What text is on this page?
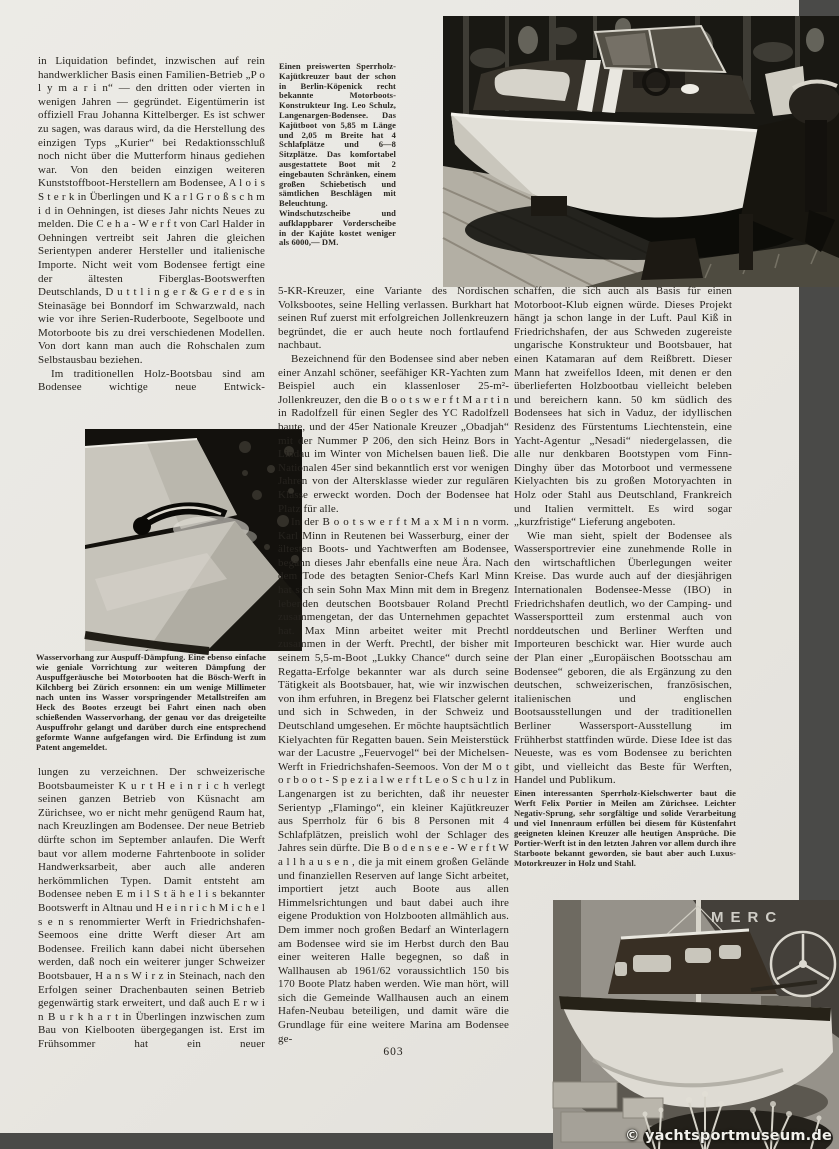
Einen preiswerten Sperrholz-Kajütkreuzer baut der schon in Berlin-Köpenick recht bekannte Motorboots-Konstrukteur Ing. Leo Schulz, Langenargen-Bodensee. Das Kajütboot von 5,85 m Länge und 2,05 m Breite hat 4 Schlafplätze und 6—8 Sitzplätze. Das komfortabel ausgestattete Boot mit 2 eingebauten Schränken, einem großen Schiebetisch und sämtlichen Beschlägen mit Beleuchtung. Windschutzscheibe und aufklappbarer Vorderscheibe in der Kajüte kostet weniger als 6000,— DM.

in Liquidation befindet, inzwischen auf rein handwerklicher Basis einen Familien-Betrieb „P o l y m a r i n“ — den dritten oder vierten in wenigen Jahren — gegründet. Eigentümerin ist offiziell Frau Johanna Kittelberger. Es ist schwer zu sagen, was daraus wird, da die Herstellung des einzigen Typs „Kurier“ bei Redaktionsschluß noch nicht über die Mutterform hinaus gediehen war. Von den beiden einzigen weiteren Kunststoffboot-Herstellern am Bodensee, A l o i s S t e r k in Überlingen und K a r l G r o ß s c h m i d in Oehningen, ist dieses Jahr nichts Neues zu melden. Die C e h a - W e r f t von Carl Halder in Oehningen vertreibt seit Jahren die gleichen Serientypen anderer Hersteller und italienische Importe. Nicht weit vom Bodensee fertigt eine der ältesten Fiberglas-Bootswerften Deutschlands, D u t t l i n g e r & G e r d e s in Steinasäge bei Bonndorf im Schwarzwald, nach wie vor ihre Serien-Ruderboote, Segelboote und Motorboote bis zu drei verschiedenen Modellen. Von dort kann man auch die Rohschalen zum Selbstausbau beziehen.

Im traditionellen Holz-Bootsbau sind am Bodensee wichtige neue Entwick-

Wasservorhang zur Auspuff-Dämpfung. Eine ebenso einfache wie geniale Vorrichtung zur weiteren Dämpfung der Auspuffgeräusche bei Motorbooten hat die Bösch-Werft in Kilchberg bei Zürich ersonnen: ein um wenige Millimeter nach unten ins Wasser vorspringender Metallstreifen am Heck des Bootes erzeugt bei Fahrt einen nach oben schießenden Wasservorhang, der genau vor das dreigeteilte Auspuffrohr gelangt und darüber durch eine entsprechend geformte Wanne aufgefangen wird. Die Erfindung ist zum Patent angemeldet.

lungen zu verzeichnen. Der schweizerische Bootsbaumeister K u r t H e i n r i c h verlegt seinen ganzen Betrieb von Küsnacht am Zürichsee, wo er nicht mehr genügend Raum hat, nach Kreuzlingen am Bodensee. Der neue Betrieb dürfte schon im September anlaufen. Die Werft baut vor allem moderne Fahrtenboote in solider Handwerksarbeit, aber auch alle anderen herkömmlichen Typen. Damit entsteht am Bodensee neben E m i l S t ä h e l i s bekannter Bootswerft in Altnau und H e i n r i c h M i c h e l s e n s renommierter Werft in Friedrichshafen-Seemoos eine dritte Werft dieser Art am Bodensee. Freilich kann dabei nicht übersehen werden, daß noch ein weiterer junger Schweizer Bootsbauer, H a n s W i r z in Steinach, nach den Erfolgen seiner Drachenbauten seinen Betrieb gegenwärtig stark erweitert, und daß auch E r w i n B u r k h a r t in Überlingen inzwischen zum Bau von Kielbooten übergegangen ist. Erst im Frühsommer hat ein neuer

5-KR-Kreuzer, eine Variante des Nordischen Volksbootes, seine Helling verlassen. Burkhart hat seinen Ruf zuerst mit erfolgreichen Jollenkreuzern begründet, die er auch heute noch fortlaufend nachbaut.

Bezeichnend für den Bodensee sind aber neben einer Anzahl schöner, seefähiger KR-Yachten zum Beispiel auch ein klassenloser 25-m²-Jollenkreuzer, den die B o o t s w e r f t M a r t i n in Radolfzell für einen Segler des YC Radolfzell baute, und der 45er Nationale Kreuzer „Obadjah“ mit der Nummer P 206, den sich Heinz Bors in Lindau im Winter von Michelsen bauen ließ. Die Nationalen 45er sind bekanntlich erst vor wenigen Jahren von der Altersklasse wieder zur regulären Klasse erweckt worden. Doch der Bodensee hat Platz für alle.

In der B o o t s w e r f t M a x M i n n vorm. Karl Minn in Reutenen bei Wasserburg, einer der ältesten Boots- und Yachtwerften am Bodensee, begann dieses Jahr ebenfalls eine neue Ära. Nach dem Tode des betagten Senior-Chefs Karl Minn hat sich sein Sohn Max Minn mit dem in Bregenz lebenden deutschen Bootsbauer Roland Prechtl zusammengetan, der das Unternehmen gepachtet hat. Max Minn arbeitet weiter mit Prechtl zusammen in der Werft. Prechtl, der bisher mit seinem 5,5-m-Boot „Lukky Chance“ durch seine Regatta-Erfolge bekannter war als durch seine Tätigkeit als Bootsbauer, hat, wie wir inzwischen von ihm erfuhren, in Bregenz bei Flatscher gelernt und sich in Schweden, in der Schweiz und Deutschland umgesehen. Er möchte hauptsächtlich Kielyachten für Regatten bauen. Sein Meisterstück war der Lacustre „Feuervogel“ bei der Michelsen-Werft in Friedrichshafen-Seemoos. Von der M o t o r b o o t - S p e z i a l w e r f t L e o S c h u l z in Langenargen ist zu berichten, daß ihr neuester Serientyp „Flamingo“, ein kleiner Kajütkreuzer aus Sperrholz für 6 bis 8 Personen mit 4 Schlafplätzen, preislich wohl der Schlager des Jahres sein dürfte. Die B o d e n s e e - W e r f t W a l l h a u s e n , die ja mit einem großen Gelände und finanziellen Reserven auf lange Sicht arbeitet, importiert jetzt auch Boote aus allen Himmelsrichtungen und baut dabei auch ihre eigene Produktion von Holzbooten allmählich aus. Dem immer noch großen Bedarf an Winterlagern am Bodensee wird sie im Herbst durch den Bau einer weiteren Halle begegnen, so daß in Wallhausen ab 1961/62 voraussichtlich 150 bis 170 Boote Platz haben werden. Wie man hört, will sich die Gemeinde Wallhausen auch an einem Hafen-Neubau beteiligen, und damit wäre die Grundlage für eine weitere Marina am Bodensee ge-

603

schaffen, die sich auch als Basis für einen Motorboot-Klub eignen würde. Dieses Projekt hängt ja schon lange in der Luft. Paul Kiß in Friedrichshafen, der aus Schweden zugereiste ungarische Konstrukteur und Bootsbauer, hat einen Katamaran auf dem Reißbrett. Dieser Mann hat zweifellos Ideen, mit denen er den überlieferten Holzbootbau vielleicht beleben und bereichern kann. 50 km südlich des Bodensees hat sich in Vaduz, der idyllischen Residenz des Fürstentums Liechtenstein, eine Yacht-Agentur „Nesadi“ niedergelassen, die alle nur denkbaren Bootstypen vom Finn-Dinghy über das Motorboot und vermessene Kielyachten bis zu großen Motoryachten in Holz oder Stahl aus Deutschland, Frankreich und Italien vermittelt. Es wird sogar „kurzfristige“ Lieferung angeboten.

Wie man sieht, spielt der Bodensee als Wassersportrevier eine zunehmende Rolle in den wirtschaftlichen Überlegungen weiter Kreise. Das wurde auch auf der diesjährigen Internationalen Bodensee-Messe (IBO) in Friedrichshafen deutlich, wo der Camping- und Wassersportteil zum erstenmal auch von norddeutschen und Berliner Werften und Importeuren beschickt war. Hier wurde auch der Plan einer „Europäischen Bootsschau am Bodensee“ geboren, die als Ergänzung zu den deutschen, schweizerischen, französischen, italienischen und englischen Bootsausstellungen und der traditionellen Berliner Wassersport-Ausstellung im Frühherbst stattfinden würde. Diese Idee ist das Neueste, was es vom Bodensee zu berichten gibt, und vielleicht das Beste für Werften, Handel und Publikum.

Einen interessanten Sperrholz-Kielschwerter baut die Werft Felix Portier in Meilen am Zürichsee. Leichter Negativ-Sprung, sehr sorgfältige und solide Verarbeitung und viel Innenraum erfüllen bei diesem für Küstenfahrt geeigneten kleinen Kreuzer alle heutigen Ansprüche. Die Portier-Werft ist in den letzten Jahren vor allem durch ihre Starboote bekannt geworden, sie baut aber auch Luxus-Motorkreuzer in Holz und Stahl.
MERC
© yachtsportmuseum.de
